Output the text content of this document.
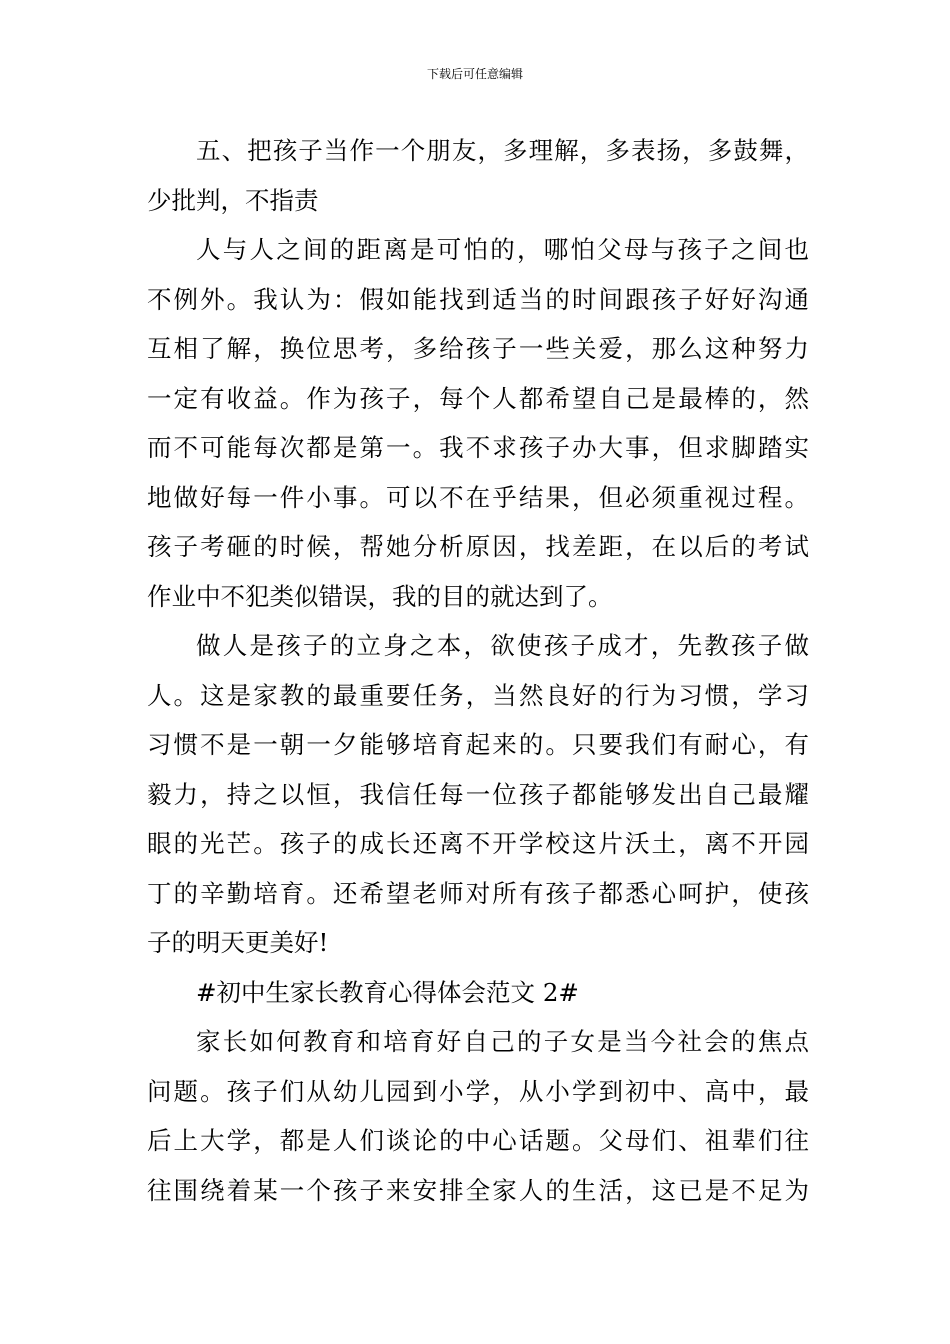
下载后可任意编辑
五、把孩子当作一个朋友，多理解，多表扬，多鼓舞，
少批判，不指责
人与人之间的距离是可怕的，哪怕父母与孩子之间也
不例外。我认为：假如能找到适当的时间跟孩子好好沟通
互相了解，换位思考，多给孩子一些关爱，那么这种努力
一定有收益。作为孩子，每个人都希望自己是最棒的，然
而不可能每次都是第一。我不求孩子办大事，但求脚踏实
地做好每一件小事。可以不在乎结果，但必须重视过程。
孩子考砸的时候，帮她分析原因，找差距，在以后的考试
作业中不犯类似错误，我的目的就达到了。
做人是孩子的立身之本，欲使孩子成才，先教孩子做
人。这是家教的最重要任务，当然良好的行为习惯，学习
习惯不是一朝一夕能够培育起来的。只要我们有耐心，有
毅力，持之以恒，我信任每一位孩子都能够发出自己最耀
眼的光芒。孩子的成长还离不开学校这片沃土，离不开园
丁的辛勤培育。还希望老师对所有孩子都悉心呵护，使孩
子的明天更美好!
#初中生家长教育心得体会范文 2#
家长如何教育和培育好自己的子女是当今社会的焦点
问题。孩子们从幼儿园到小学，从小学到初中、高中，最
后上大学，都是人们谈论的中心话题。父母们、祖辈们往
往围绕着某一个孩子来安排全家人的生活，这已是不足为
